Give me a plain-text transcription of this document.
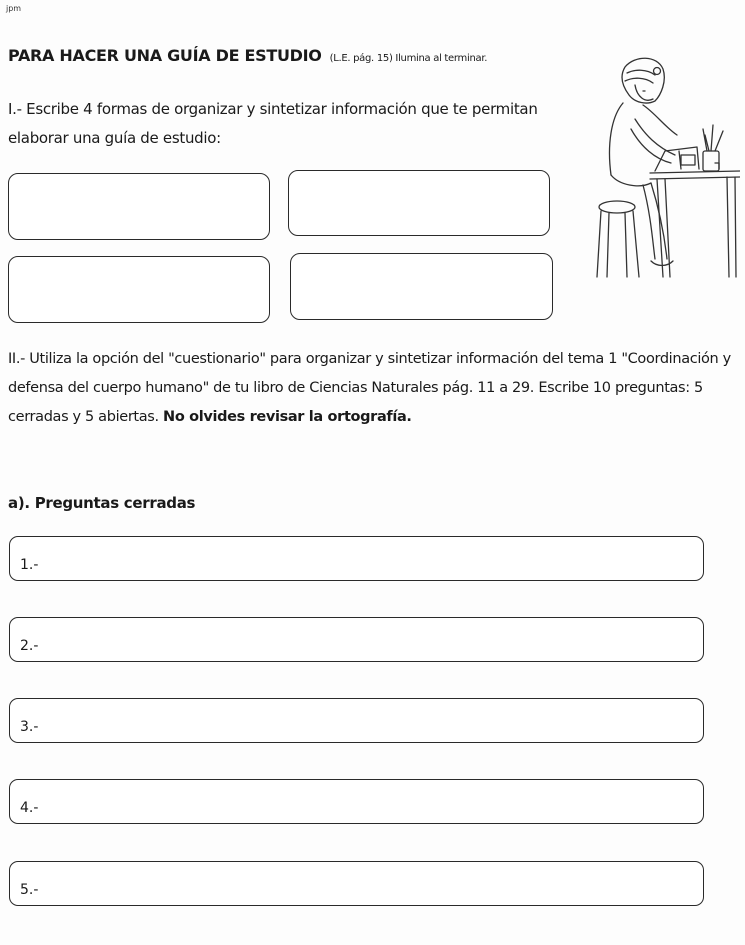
jpm
PARA HACER UNA GUÍA DE ESTUDIO (L.E. pág. 15) Ilumina al terminar.
I.- Escribe 4 formas de organizar y sintetizar información que te permitan elaborar una guía de estudio:
II.- Utiliza la opción del "cuestionario" para organizar y sintetizar información del tema 1 "Coordinación y defensa del cuerpo humano" de tu libro de Ciencias Naturales pág. 11 a 29. Escribe 10 preguntas: 5 cerradas y 5 abiertas. No olvides revisar la ortografía.
a). Preguntas cerradas
1.-
2.-
3.-
4.-
5.-
